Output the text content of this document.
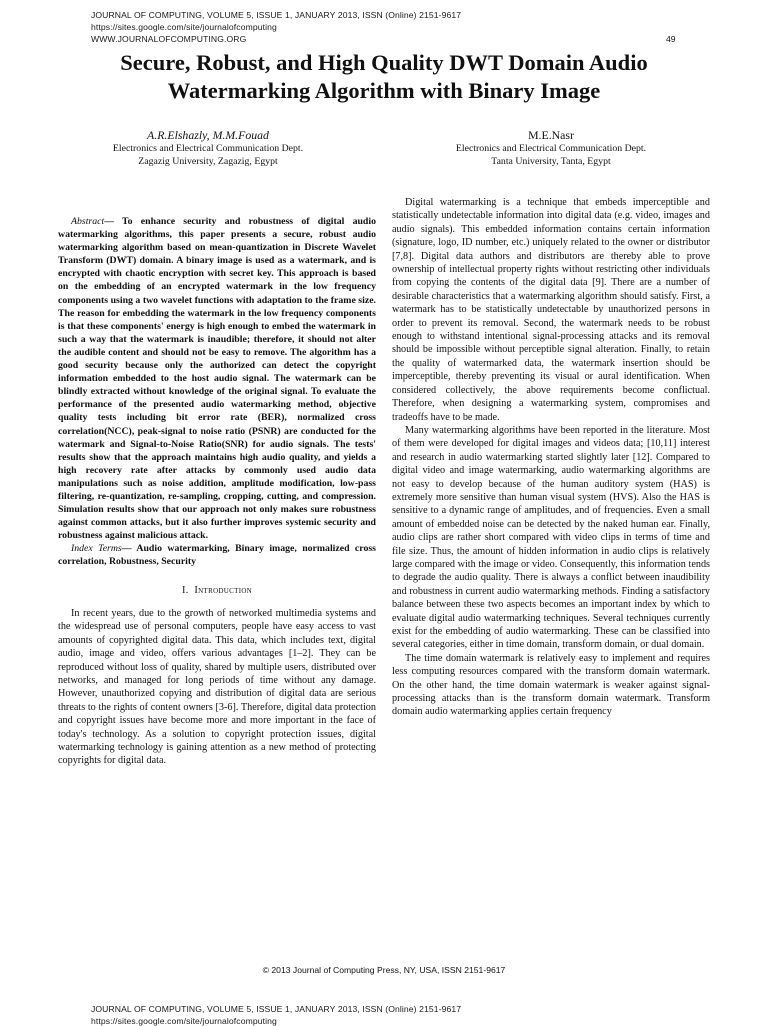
JOURNAL OF COMPUTING, VOLUME 5, ISSUE 1, JANUARY 2013, ISSN (Online) 2151-9617
https://sites.google.com/site/journalofcomputing
WWW.JOURNALOFCOMPUTING.ORG	49
Secure, Robust, and High Quality DWT Domain Audio
Watermarking Algorithm with Binary Image
A.R.Elshazly, M.M.Fouad
Electronics and Electrical Communication Dept.
Zagazig University, Zagazig, Egypt
M.E.Nasr
Electronics and Electrical Communication Dept.
Tanta University, Tanta, Egypt

Abstract— To enhance security and robustness of digital audio watermarking algorithms, this paper presents a secure, robust audio watermarking algorithm based on mean-quantization in Discrete Wavelet Transform (DWT) domain. A binary image is used as a watermark, and is encrypted with chaotic encryption with secret key. This approach is based on the embedding of an encrypted watermark in the low frequency components using a two wavelet functions with adaptation to the frame size. The reason for embedding the watermark in the low frequency components is that these components' energy is high enough to embed the watermark in such a way that the watermark is inaudible; therefore, it should not alter the audible content and should not be easy to remove. The algorithm has a good security because only the authorized can detect the copyright information embedded to the host audio signal. The watermark can be blindly extracted without knowledge of the original signal. To evaluate the performance of the presented audio watermarking method, objective quality tests including bit error rate (BER), normalized cross correlation(NCC), peak-signal to noise ratio (PSNR) are conducted for the watermark and Signal-to-Noise Ratio(SNR) for audio signals. The tests' results show that the approach maintains high audio quality, and yields a high recovery rate after attacks by commonly used audio data manipulations such as noise addition, amplitude modification, low-pass filtering, re-quantization, re-sampling, cropping, cutting, and compression. Simulation results show that our approach not only makes sure robustness against common attacks, but it also further improves systemic security and robustness against malicious attack.

Index Terms— Audio watermarking, Binary image, normalized cross correlation, Robustness, Security

I. Introduction

In recent years, due to the growth of networked multimedia systems and the widespread use of personal computers, people have easy access to vast amounts of copyrighted digital data. This data, which includes text, digital audio, image and video, offers various advantages [1–2]. They can be reproduced without loss of quality, shared by multiple users, distributed over networks, and managed for long periods of time without any damage. However, unauthorized copying and distribution of digital data are serious threats to the rights of content owners [3-6]. Therefore, digital data protection and copyright issues have become more and more important in the face of today's technology. As a solution to copyright protection issues, digital watermarking technology is gaining attention as a new method of protecting copyrights for digital data.

Digital watermarking is a technique that embeds imperceptible and statistically undetectable information into digital data (e.g. video, images and audio signals). This embedded information contains certain information (signature, logo, ID number, etc.) uniquely related to the owner or distributor [7,8]. Digital data authors and distributors are thereby able to prove ownership of intellectual property rights without restricting other individuals from copying the contents of the digital data [9]. There are a number of desirable characteristics that a watermarking algorithm should satisfy. First, a watermark has to be statistically undetectable by unauthorized persons in order to prevent its removal. Second, the watermark needs to be robust enough to withstand intentional signal-processing attacks and its removal should be impossible without perceptible signal alteration. Finally, to retain the quality of watermarked data, the watermark insertion should be imperceptible, thereby preventing its visual or aural identification. When considered collectively, the above requirements become conflictual. Therefore, when designing a watermarking system, compromises and tradeoffs have to be made.

Many watermarking algorithms have been reported in the literature. Most of them were developed for digital images and videos data; [10,11] interest and research in audio watermarking started slightly later [12]. Compared to digital video and image watermarking, audio watermarking algorithms are not easy to develop because of the human auditory system (HAS) is extremely more sensitive than human visual system (HVS). Also the HAS is sensitive to a dynamic range of amplitudes, and of frequencies. Even a small amount of embedded noise can be detected by the naked human ear. Finally, audio clips are rather short compared with video clips in terms of time and file size. Thus, the amount of hidden information in audio clips is relatively large compared with the image or video. Consequently, this information tends to degrade the audio quality. There is always a conflict between inaudibility and robustness in current audio watermarking methods. Finding a satisfactory balance between these two aspects becomes an important index by which to evaluate digital audio watermarking techniques. Several techniques currently exist for the embedding of audio watermarking. These can be classified into several categories, either in time domain, transform domain, or dual domain.

The time domain watermark is relatively easy to implement and requires less computing resources compared with the transform domain watermark. On the other hand, the time domain watermark is weaker against signal-processing attacks than is the transform domain watermark. Transform domain audio watermarking applies certain frequency

© 2013 Journal of Computing Press, NY, USA, ISSN 2151-9617
JOURNAL OF COMPUTING, VOLUME 5, ISSUE 1, JANUARY 2013, ISSN (Online) 2151-9617
https://sites.google.com/site/journalofcomputing
